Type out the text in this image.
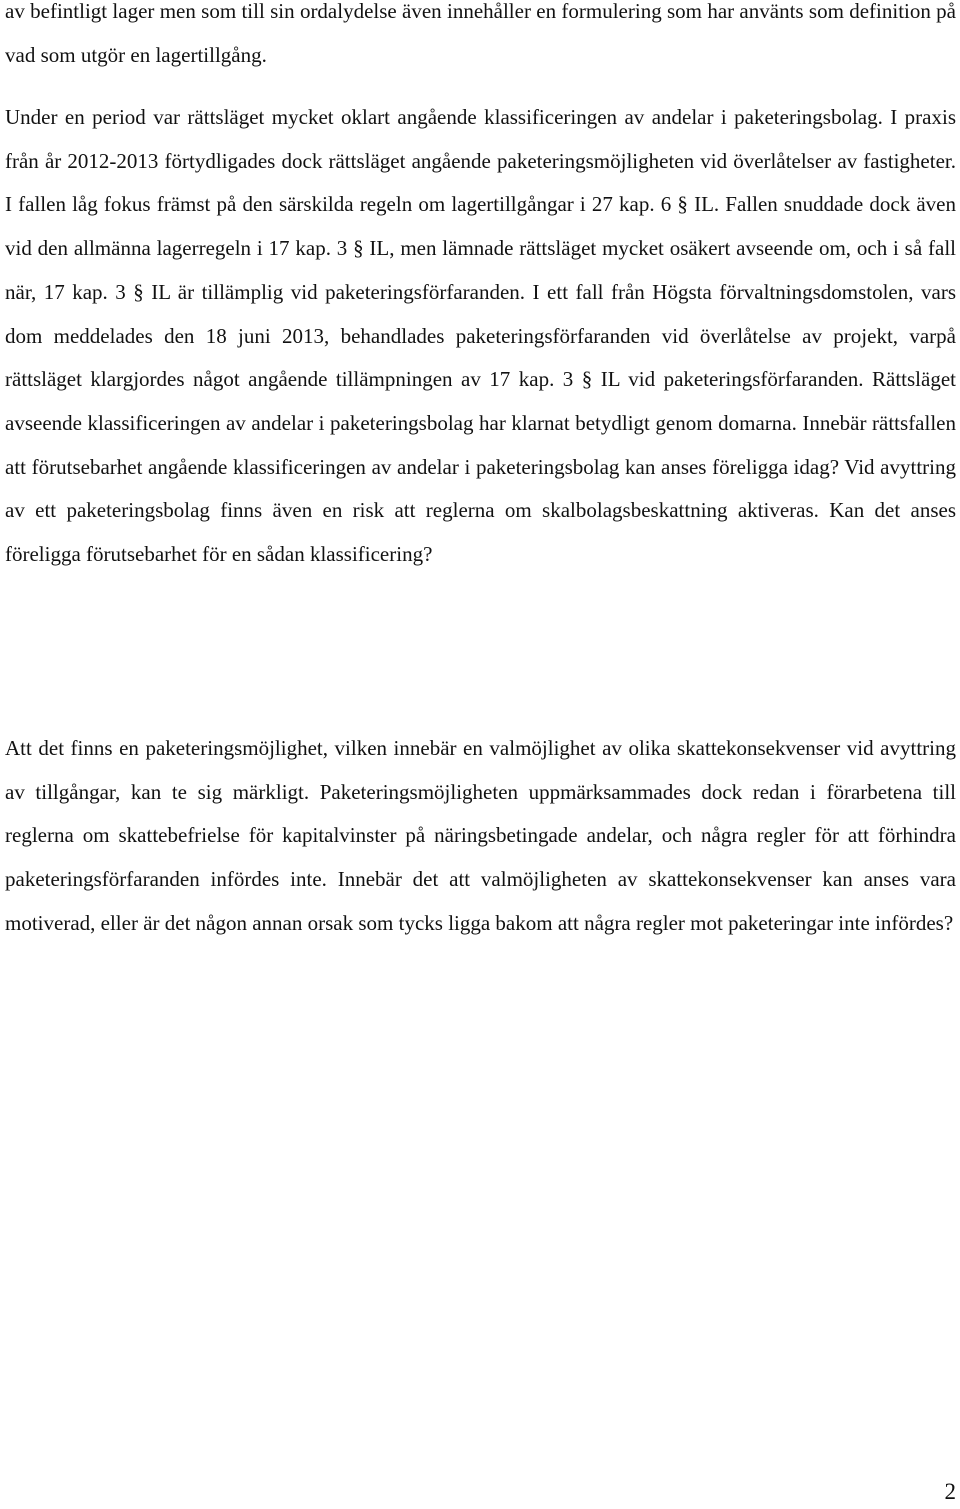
av befintligt lager men som till sin ordalydelse även innehåller en formulering som har använts som definition på vad som utgör en lagertillgång.

Under en period var rättsläget mycket oklart angående klassificeringen av andelar i paketeringsbolag. I praxis från år 2012-2013 förtydligades dock rättsläget angående paketeringsmöjligheten vid överlåtelser av fastigheter. I fallen låg fokus främst på den särskilda regeln om lagertillgångar i 27 kap. 6 § IL. Fallen snuddade dock även vid den allmänna lagerregeln i 17 kap. 3 § IL, men lämnade rättsläget mycket osäkert avseende om, och i så fall när, 17 kap. 3 § IL är tillämplig vid paketeringsförfaranden. I ett fall från Högsta förvaltningsdomstolen, vars dom meddelades den 18 juni 2013, behandlades paketeringsförfaranden vid överlåtelse av projekt, varpå rättsläget klargjordes något angående tillämpningen av 17 kap. 3 § IL vid paketeringsförfaranden. Rättsläget avseende klassificeringen av andelar i paketeringsbolag har klarnat betydligt genom domarna. Innebär rättsfallen att förutsebarhet angående klassificeringen av andelar i paketeringsbolag kan anses föreligga idag? Vid avyttring av ett paketeringsbolag finns även en risk att reglerna om skalbolagsbeskattning aktiveras. Kan det anses föreligga förutsebarhet för en sådan klassificering?

Att det finns en paketeringsmöjlighet, vilken innebär en valmöjlighet av olika skattekonsekvenser vid avyttring av tillgångar, kan te sig märkligt. Paketeringsmöjligheten uppmärksammades dock redan i förarbetena till reglerna om skattebefrielse för kapitalvinster på näringsbetingade andelar, och några regler för att förhindra paketeringsförfaranden infördes inte. Innebär det att valmöjligheten av skattekonsekvenser kan anses vara motiverad, eller är det någon annan orsak som tycks ligga bakom att några regler mot paketeringar inte infördes?

2
